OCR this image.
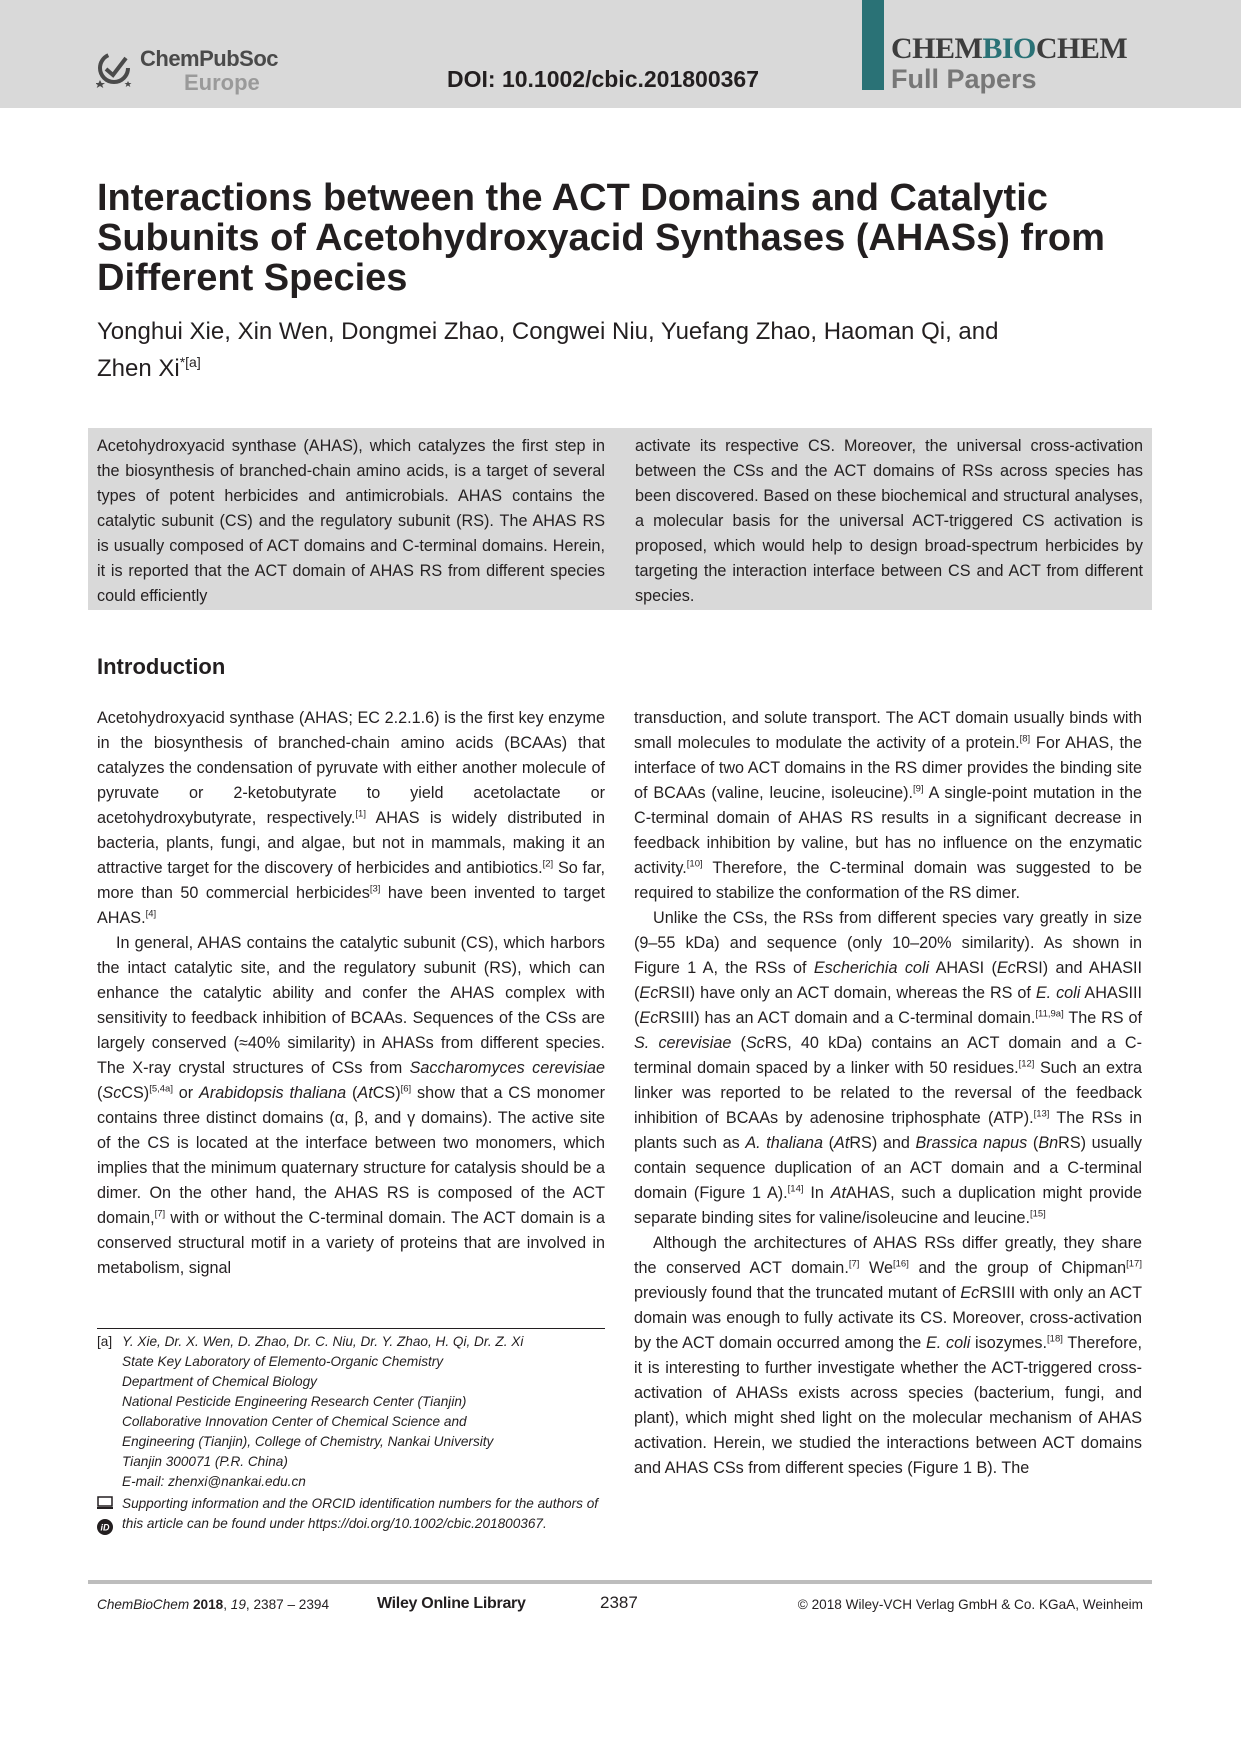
ChemPubSoc
Europe	DOI: 10.1002/cbic.201800367
CHEMBIOCHEM
Full Papers
Interactions between the ACT Domains and Catalytic Subunits of Acetohydroxyacid Synthases (AHASs) from Different Species
Yonghui Xie, Xin Wen, Dongmei Zhao, Congwei Niu, Yuefang Zhao, Haoman Qi, and
Zhen $Xi^{*[a]}$
Acetohydroxyacid synthase (AHAS), which catalyzes the first step in the biosynthesis of branched-chain amino acids, is a target of several types of potent herbicides and antimicrobials. AHAS contains the catalytic subunit (CS) and the regulatory subunit (RS). The AHAS RS is usually composed of ACT domains and C-terminal domains. Herein, it is reported that the ACT domain of AHAS RS from different species could efficiently
activate its respective CS. Moreover, the universal cross-activation between the CSs and the ACT domains of RSs across species has been discovered. Based on these biochemical and structural analyses, a molecular basis for the universal ACT-triggered CS activation is proposed, which would help to design broad-spectrum herbicides by targeting the interaction interface between CS and ACT from different species.
Introduction

Acetohydroxyacid synthase (AHAS; EC 2.2.1.6) is the first key enzyme in the biosynthesis of branched-chain amino acids (BCAAs) that catalyzes the condensation of pyruvate with either another molecule of pyruvate or 2-ketobutyrate to yield acetolactate or acetohydroxybutyrate, respectively.[1] AHAS is widely distributed in bacteria, plants, fungi, and algae, but not in mammals, making it an attractive target for the discovery of herbicides and antibiotics.[2] So far, more than 50 commercial herbicides[3] have been invented to target AHAS.[4]

In general, AHAS contains the catalytic subunit (CS), which harbors the intact catalytic site, and the regulatory subunit (RS), which can enhance the catalytic ability and confer the AHAS complex with sensitivity to feedback inhibition of BCAAs. Sequences of the CSs are largely conserved (≈40% similarity) in AHASs from different species. The X-ray crystal structures of CSs from Saccharomyces cerevisiae (ScCS)[5,4a] or Arabidopsis thaliana (AtCS)[6] show that a CS monomer contains three distinct domains (α, β, and γ domains). The active site of the CS is located at the interface between two monomers, which implies that the minimum quaternary structure for catalysis should be a dimer. On the other hand, the AHAS RS is composed of the ACT domain,[7] with or without the C-terminal domain. The ACT domain is a conserved structural motif in a variety of proteins that are involved in metabolism, signal

transduction, and solute transport. The ACT domain usually binds with small molecules to modulate the activity of a protein.[8] For AHAS, the interface of two ACT domains in the RS dimer provides the binding site of BCAAs (valine, leucine, isoleucine).[9] A single-point mutation in the C-terminal domain of AHAS RS results in a significant decrease in feedback inhibition by valine, but has no influence on the enzymatic activity.[10] Therefore, the C-terminal domain was suggested to be required to stabilize the conformation of the RS dimer.

Unlike the CSs, the RSs from different species vary greatly in size (9–55 kDa) and sequence (only 10–20% similarity). As shown in Figure 1 A, the RSs of Escherichia coli AHASI (EcRSI) and AHASII (EcRSII) have only an ACT domain, whereas the RS of E. coli AHASIII (EcRSIII) has an ACT domain and a C-terminal domain.[11,9a] The RS of S. cerevisiae (ScRS, 40 kDa) contains an ACT domain and a C-terminal domain spaced by a linker with 50 residues.[12] Such an extra linker was reported to be related to the reversal of the feedback inhibition of BCAAs by adenosine triphosphate (ATP).[13] The RSs in plants such as A. thaliana (AtRS) and Brassica napus (BnRS) usually contain sequence duplication of an ACT domain and a C-terminal domain (Figure 1 A).[14] In AtAHAS, such a duplication might provide separate binding sites for valine/isoleucine and leucine.[15]

Although the architectures of AHAS RSs differ greatly, they share the conserved ACT domain.[7] We[16] and the group of Chipman[17] previously found that the truncated mutant of EcRSIII with only an ACT domain was enough to fully activate its CS. Moreover, cross-activation by the ACT domain occurred among the E. coli isozymes.[18] Therefore, it is interesting to further investigate whether the ACT-triggered cross-activation of AHASs exists across species (bacterium, fungi, and plant), which might shed light on the molecular mechanism of AHAS activation. Herein, we studied the interactions between ACT domains and AHAS CSs from different species (Figure 1 B). The

[a] Y. Xie, Dr. X. Wen, D. Zhao, Dr. C. Niu, Dr. Y. Zhao, H. Qi, Dr. Z. Xi
State Key Laboratory of Elemento-Organic Chemistry
Department of Chemical Biology
National Pesticide Engineering Research Center (Tianjin)
Collaborative Innovation Center of Chemical Science and
Engineering (Tianjin), College of Chemistry, Nankai University
Tianjin 300071 (P.R. China)
E-mail: zhenxi@nankai.edu.cn

iD
Supporting information and the ORCID identification numbers for the authors of this article can be found under https://doi.org/10.1002/cbic.201800367.
ChemBioChem 2018, 19, 2387 – 2394	Wiley Online Library	2387	© 2018 Wiley-VCH Verlag GmbH & Co. KGaA, Weinheim
